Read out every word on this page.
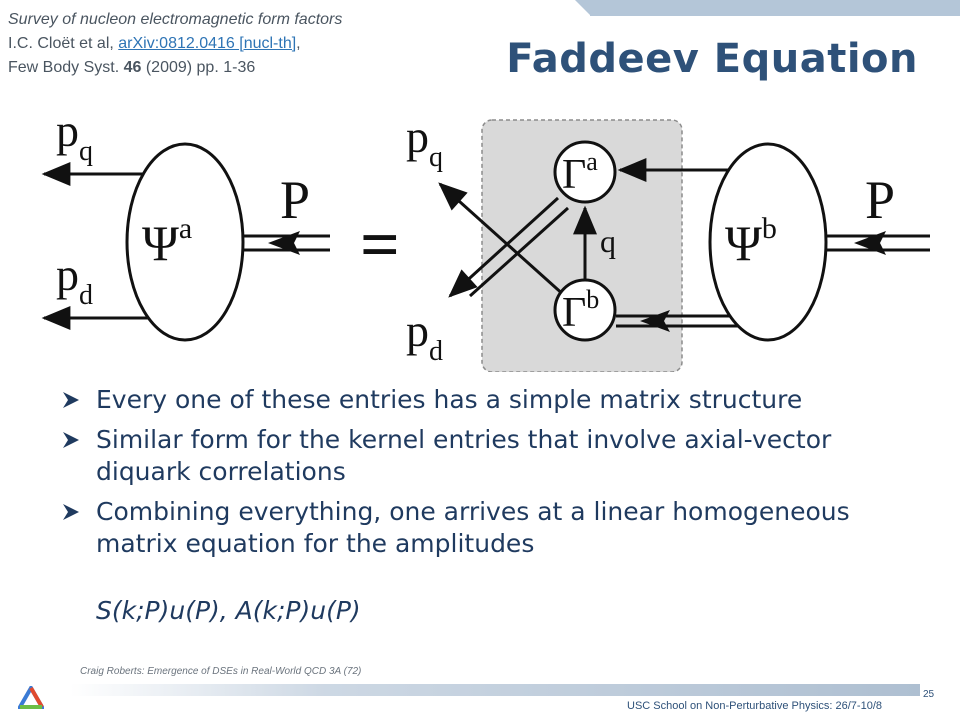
Survey of nucleon electromagnetic form factors
I.C. Cloët et al, arXiv:0812.0416 [nucl-th],
Few Body Syst. 46 (2009) pp. 1-36	Faddeev Equation
$p_q$
$p_d$
$\Psi^a$ P
=
$p_q$
$p_d$
$\Gamma^a$
$\Gamma^b$
q $\Psi^b$ P
Every one of these entries has a simple matrix structure
Similar form for the kernel entries that involve axial-vector diquark correlations
Combining everything, one arrives at a linear homogeneous matrix equation for the amplitudes
S(k;P)u(P), A(k;P)u(P)
Craig Roberts: Emergence of DSEs in Real-World QCD 3A (72)
25
USC School on Non-Perturbative Physics: 26/7-10/8
